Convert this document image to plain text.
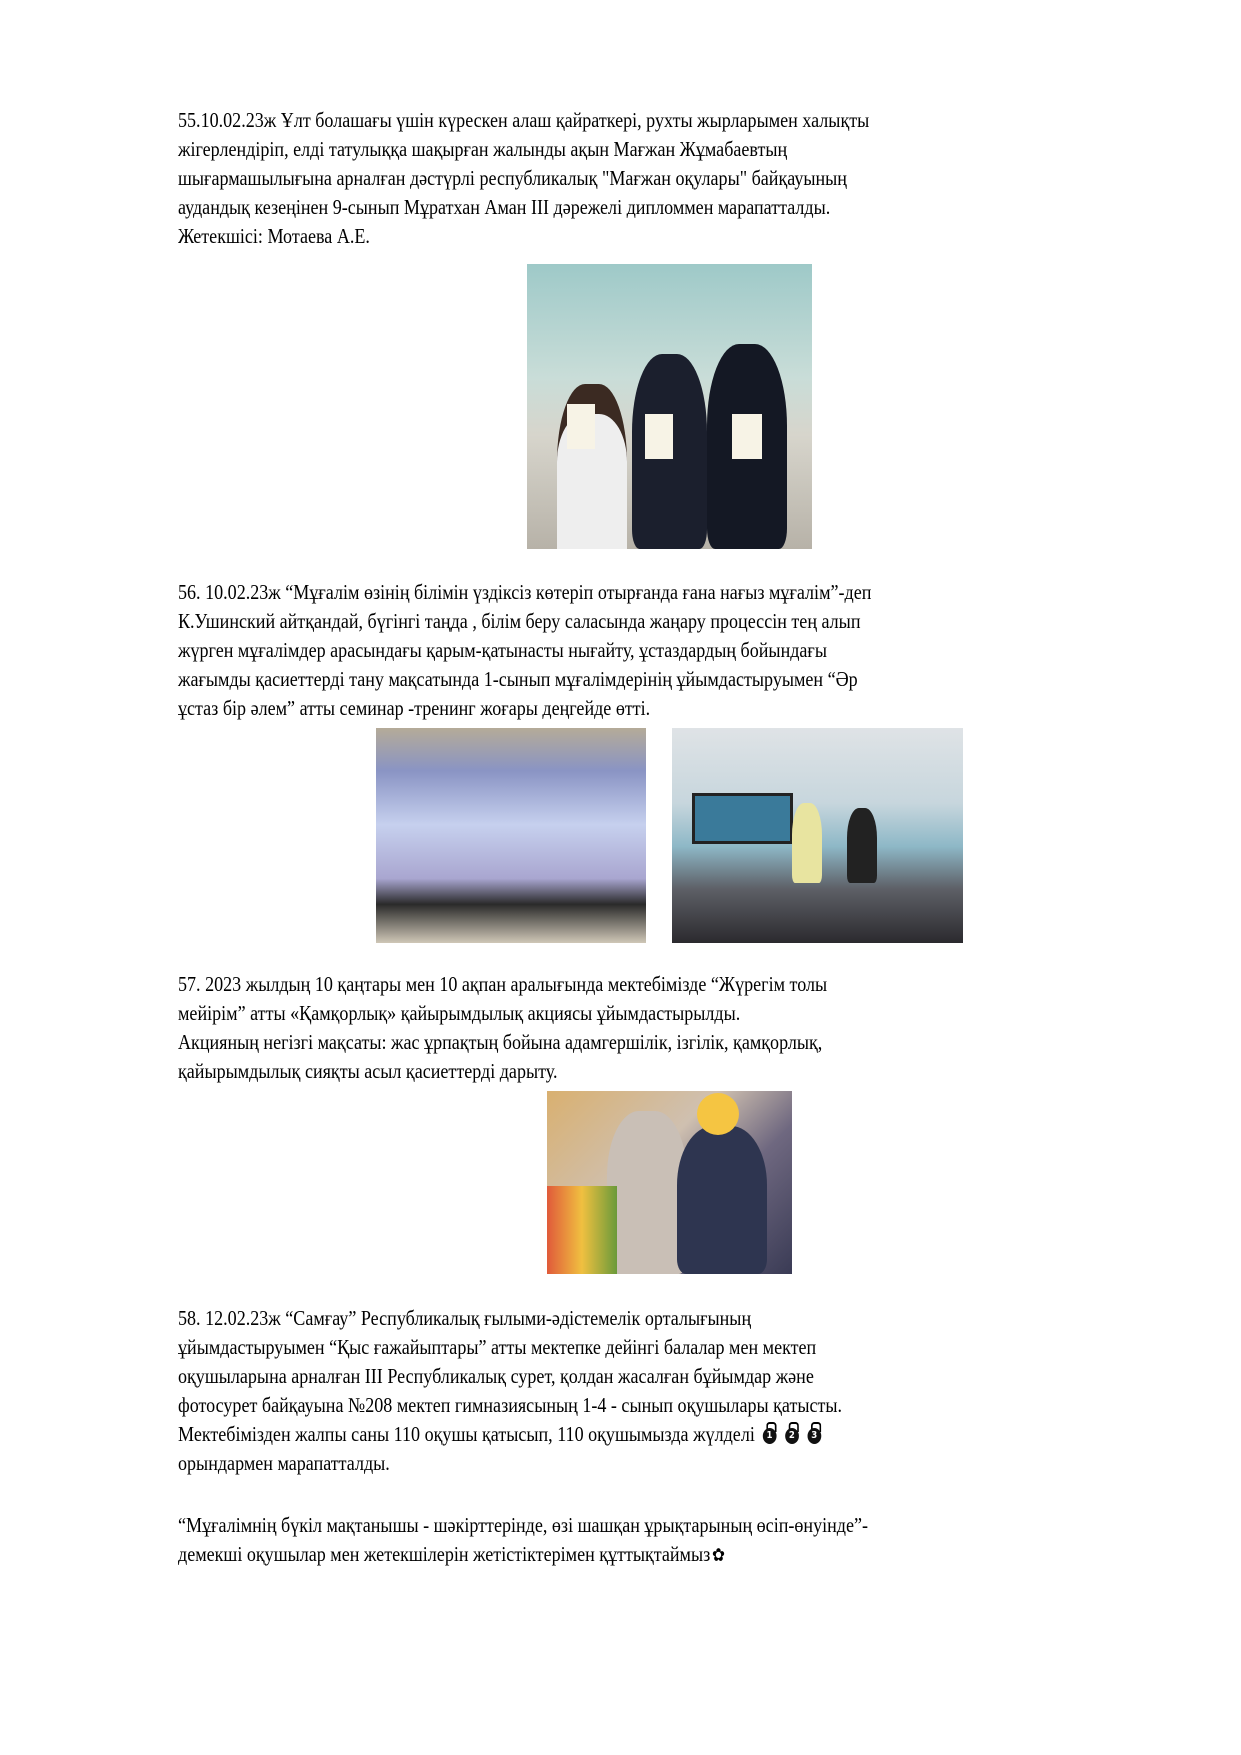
55.10.02.23ж Ұлт болашағы үшін күрескен алаш қайраткері, рухты жырларымен халықты
жігерлендіріп, елді татулыққа шақырған жалынды ақын Мағжан Жұмабаевтың
шығармашылығына арналған дәстүрлі республикалық "Мағжан оқулары" байқауының
аудандық кезеңінен 9-сынып Мұратхан Аман ІІІ дәрежелі дипломмен марапатталды.
Жетекшісі: Мотаева А.Е.
56. 10.02.23ж “Мұғалім өзінің білімін үздіксіз көтеріп отырғанда ғана нағыз мұғалім”-деп
К.Ушинский айтқандай, бүгінгі таңда , білім беру саласында жаңару процессін тең алып
жүрген мұғалімдер арасындағы қарым-қатынасты нығайту, ұстаздардың бойындағы
жағымды қасиеттерді тану мақсатында 1-сынып мұғалімдерінің ұйымдастыруымен “Әр
ұстаз бір әлем” атты семинар -тренинг жоғары деңгейде өтті.
57. 2023 жылдың 10 қаңтары мен 10 ақпан аралығында мектебімізде “Жүрегім толы
мейірім” атты «Қамқорлық» қайырымдылық акциясы ұйымдастырылды.
Акцияның негізгі мақсаты: жас ұрпақтың бойына адамгершілік, ізгілік, қамқорлық,
қайырымдылық сияқты асыл қасиеттерді дарыту.
58. 12.02.23ж “Самғау” Республикалық ғылыми-әдістемелік орталығының
ұйымдастыруымен “Қыс ғажайыптары” атты мектепке дейінгі балалар мен мектеп
оқушыларына арналған ІІІ Республикалық сурет, қолдан жасалған бұйымдар және
фотосурет байқауына №208 мектеп гимназиясының 1-4 - сынып оқушылары қатысты.
Мектебімізден жалпы саны 110 оқушы қатысып, 110 оқушымызда жүлделі	1	2	3
орындармен марапатталды.
“Мұғалімнің бүкіл мақтанышы - шәкірттерінде, өзі шашқан ұрықтарының өсіп-өнуінде”-
демекші оқушылар мен жетекшілерін жетістіктерімен құттықтаймыз✿
